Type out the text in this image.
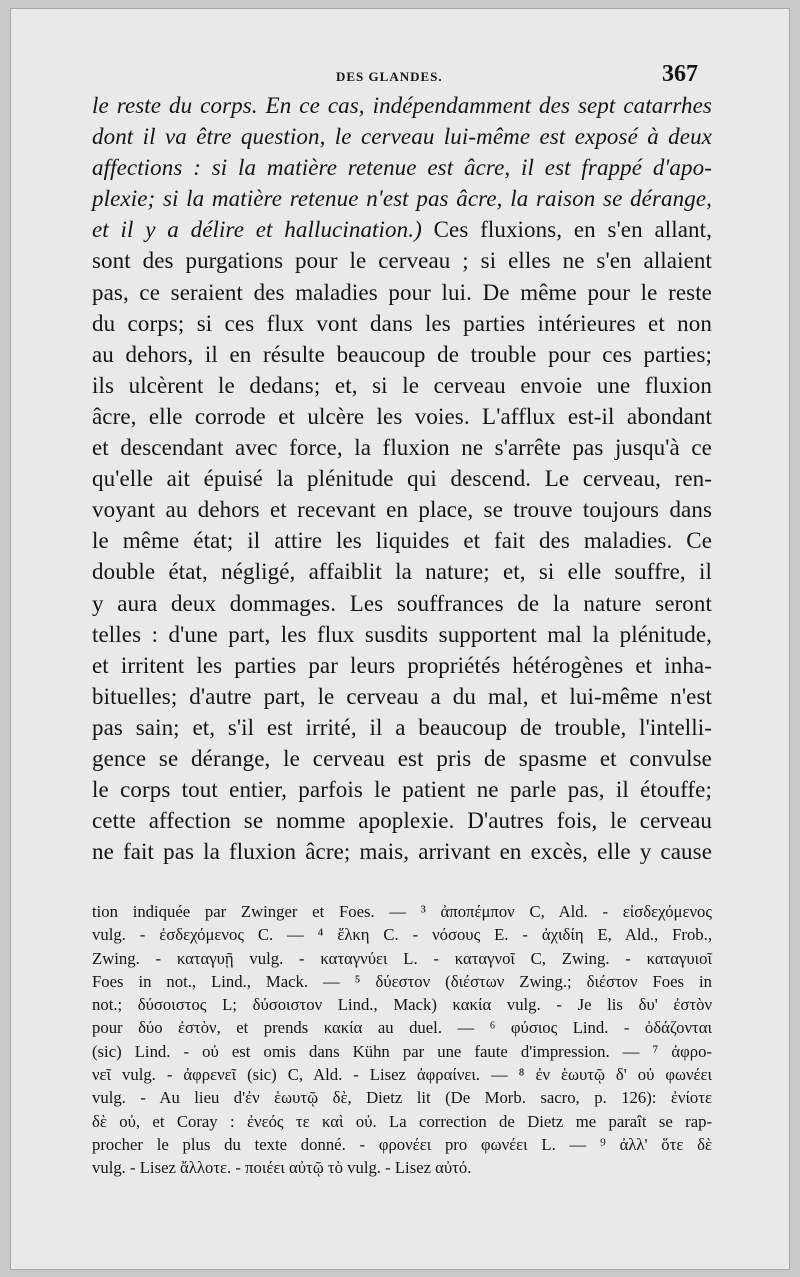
DES GLANDES.	367
le reste du corps. En ce cas, indépendamment des sept catarrhes
dont il va être question, le cerveau lui-même est exposé à deux
affections : si la matière retenue est âcre, il est frappé d'apo-
plexie; si la matière retenue n'est pas âcre, la raison se dérange,
et il y a délire et hallucination.) Ces fluxions, en s'en allant,
sont des purgations pour le cerveau ; si elles ne s'en allaient
pas, ce seraient des maladies pour lui. De même pour le reste
du corps; si ces flux vont dans les parties intérieures et non
au dehors, il en résulte beaucoup de trouble pour ces parties;
ils ulcèrent le dedans; et, si le cerveau envoie une fluxion
âcre, elle corrode et ulcère les voies. L'afflux est-il abondant
et descendant avec force, la fluxion ne s'arrête pas jusqu'à ce
qu'elle ait épuisé la plénitude qui descend. Le cerveau, ren-
voyant au dehors et recevant en place, se trouve toujours dans
le même état; il attire les liquides et fait des maladies. Ce
double état, négligé, affaiblit la nature; et, si elle souffre, il
y aura deux dommages. Les souffrances de la nature seront
telles : d'une part, les flux susdits supportent mal la plénitude,
et irritent les parties par leurs propriétés hétérogènes et inha-
bituelles; d'autre part, le cerveau a du mal, et lui-même n'est
pas sain; et, s'il est irrité, il a beaucoup de trouble, l'intelli-
gence se dérange, le cerveau est pris de spasme et convulse
le corps tout entier, parfois le patient ne parle pas, il étouffe;
cette affection se nomme apoplexie. D'autres fois, le cerveau
ne fait pas la fluxion âcre; mais, arrivant en excès, elle y cause
tion indiquée par Zwinger et Foes. — ³ ἀποπέμπον C, Ald. - εἰσδεχόμενος
vulg. - ἐσδεχόμενος C. — ⁴ ἕλκη C. - νόσους E. - ἀχιδίη E, Ald., Frob.,
Zwing. - καταγυῇ vulg. - καταγνύει L. - καταγνοῖ C, Zwing. - καταγυιοῖ
Foes in not., Lind., Mack. — ⁵ δύεστον (διέστων Zwing.; διέστον Foes in
not.; δύσοιστος L; δύσοιστον Lind., Mack) κακία vulg. - Je lis δυ' ἐστὸν
pour δύο ἐστὸν, et prends κακία au duel. — ⁶ φύσιος Lind. - ὀδάζονται
(sic) Lind. - οὐ est omis dans Kühn par une faute d'impression. — ⁷ ἀφρο-
νεῖ vulg. - ἀφρενεῖ (sic) C, Ald. - Lisez ἀφραίνει. — ⁸ ἐν ἑωυτῷ δ' οὐ φωνέει
vulg. - Au lieu d'ἐν ἑωυτῷ δὲ, Dietz lit (De Morb. sacro, p. 126): ἐνίοτε
δὲ οὐ, et Coray : ἐνεός τε καὶ οὐ. La correction de Dietz me paraît se rap-
procher le plus du texte donné. - φρονέει pro φωνέει L. — ⁹ ἀλλ' ὅτε δὲ
vulg. - Lisez ἄλλοτε. - ποιέει αὐτῷ τὸ vulg. - Lisez αὐτό.
